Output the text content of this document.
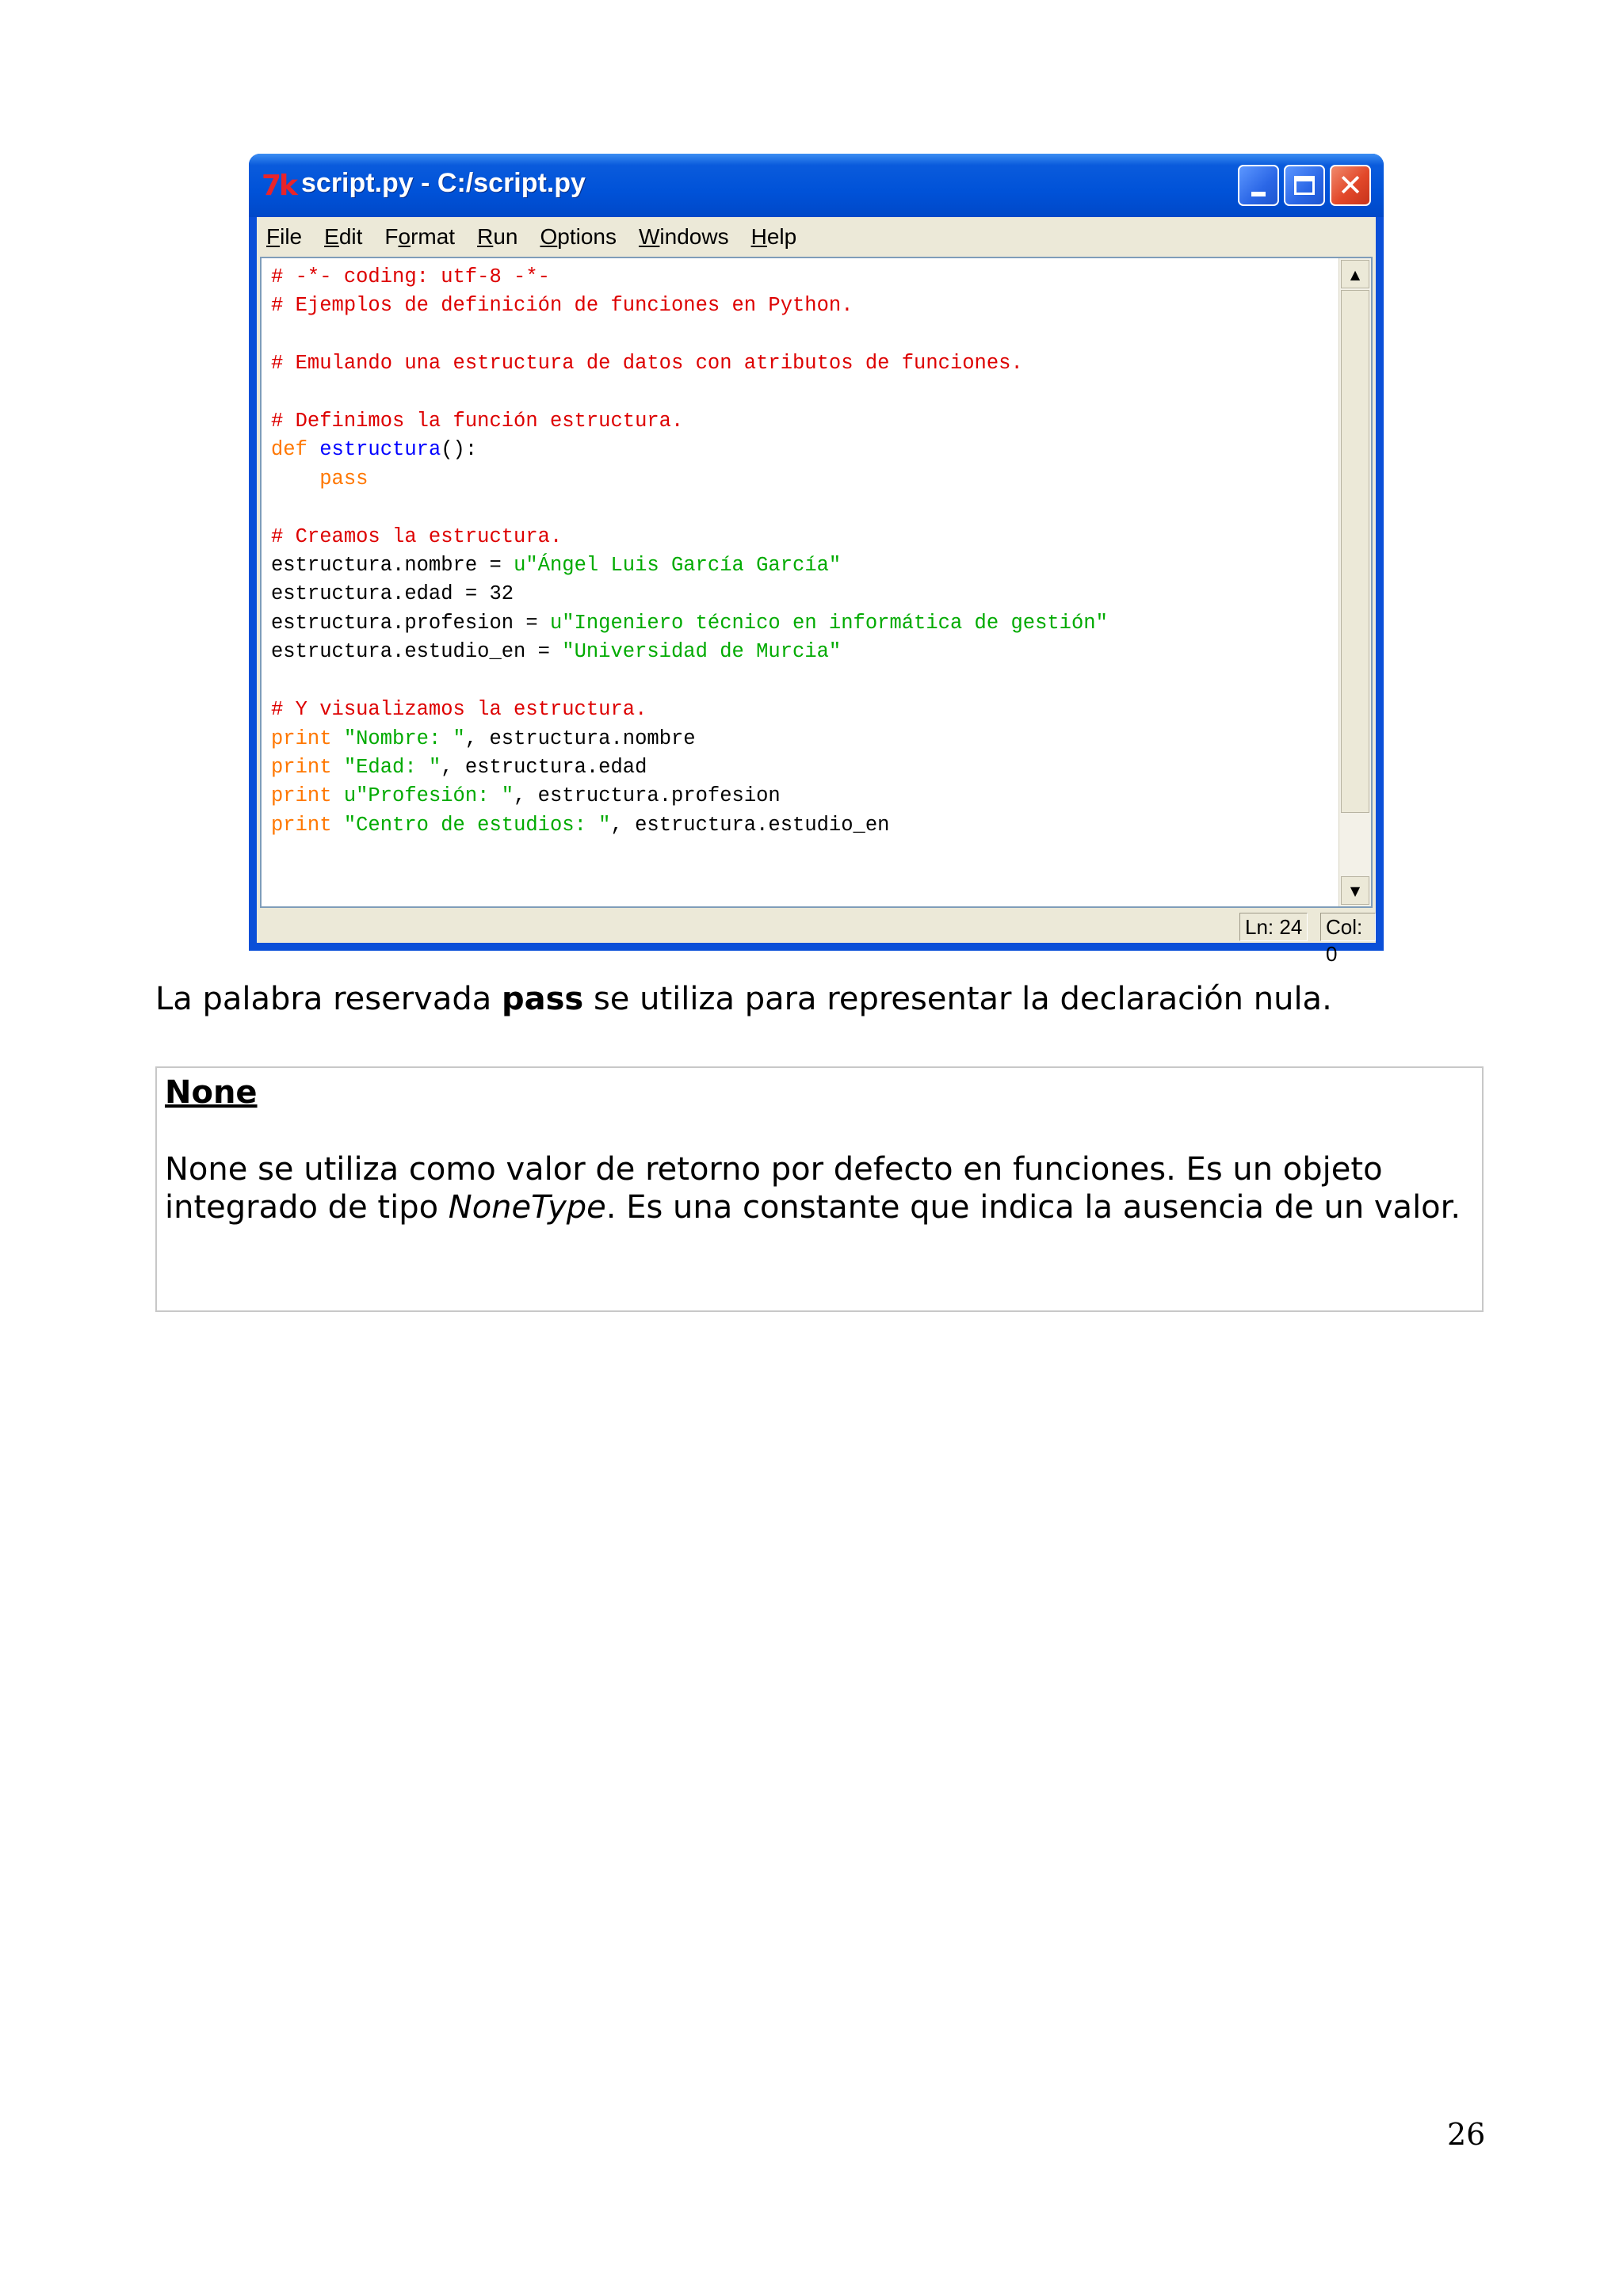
7k script.py - C:/script.py	✕
File Edit Format Run Options Windows Help
# -*- coding: utf-8 -*-
# Ejemplos de definición de funciones en Python.

# Emulando una estructura de datos con atributos de funciones.

# Definimos la función estructura.
def estructura():
pass

# Creamos la estructura.
estructura.nombre = u"Ángel Luis García García"
estructura.edad = 32
estructura.profesion = u"Ingeniero técnico en informática de gestión"
estructura.estudio_en = "Universidad de Murcia"

# Y visualizamos la estructura.
print "Nombre: ", estructura.nombre
print "Edad: ", estructura.edad
print u"Profesión: ", estructura.profesion
print "Centro de estudios: ", estructura.estudio_en
▲
▼
Ln: 24 Col: 0
La palabra reservada pass se utiliza para representar la declaración nula.
None
None se utiliza como valor de retorno por defecto en funciones. Es un objeto integrado de tipo NoneType. Es una constante que indica la ausencia de un valor.
26
